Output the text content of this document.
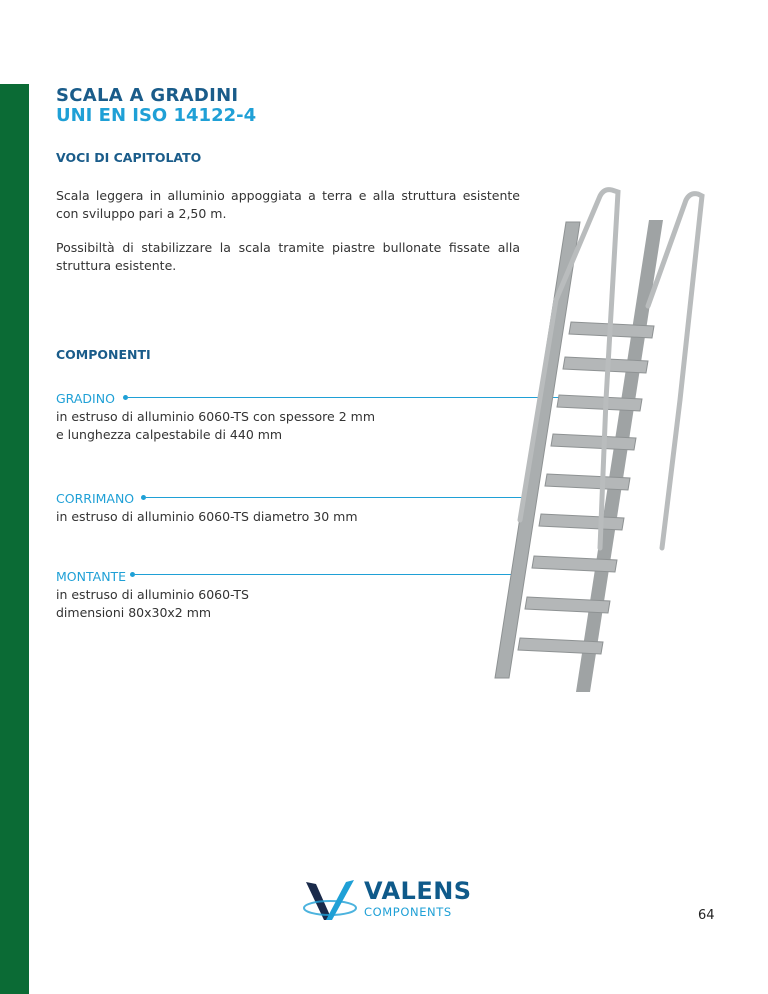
SCALA A GRADINI
UNI EN ISO 14122-4
VOCI DI CAPITOLATO

Scala leggera in alluminio appoggiata a terra e alla struttura esistente con sviluppo pari a 2,50 m.

Possibiltà di stabilizzare la scala tramite piastre bullonate fissate alla struttura esistente.

COMPONENTI
GRADINO

in estruso di alluminio 6060-TS con spessore 2 mm

e lunghezza calpestabile di 440 mm

CORRIMANO

in estruso di alluminio 6060-TS diametro 30 mm

MONTANTE

in estruso di alluminio 6060-TS

dimensioni 80x30x2 mm

VALENS
COMPONENTS	64
